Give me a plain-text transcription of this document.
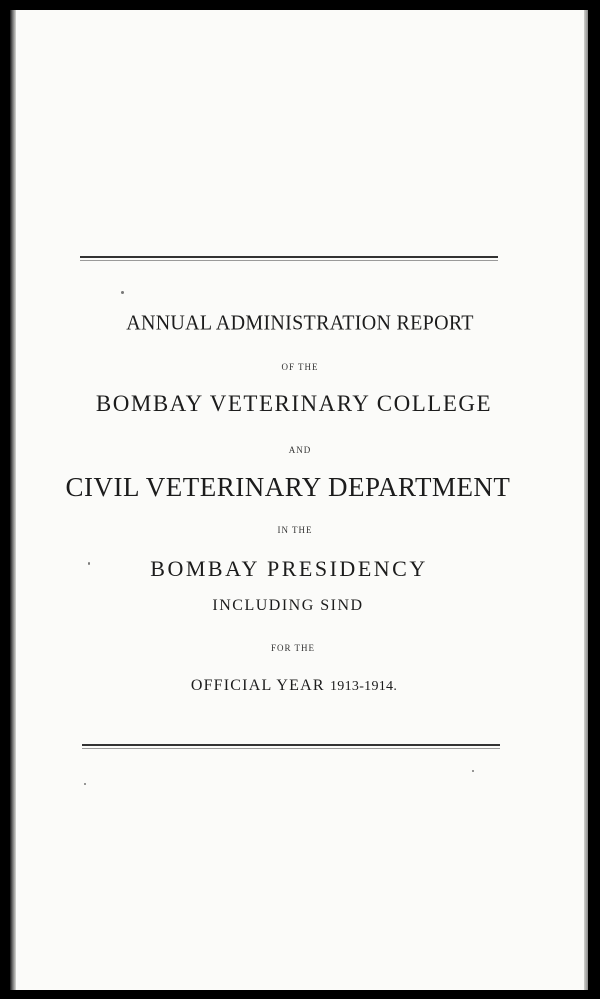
ANNUAL ADMINISTRATION REPORT
OF THE
BOMBAY VETERINARY COLLEGE
AND
CIVIL VETERINARY DEPARTMENT
IN THE
BOMBAY PRESIDENCY
INCLUDING SIND
FOR THE
OFFICIAL YEAR 1913-1914.
